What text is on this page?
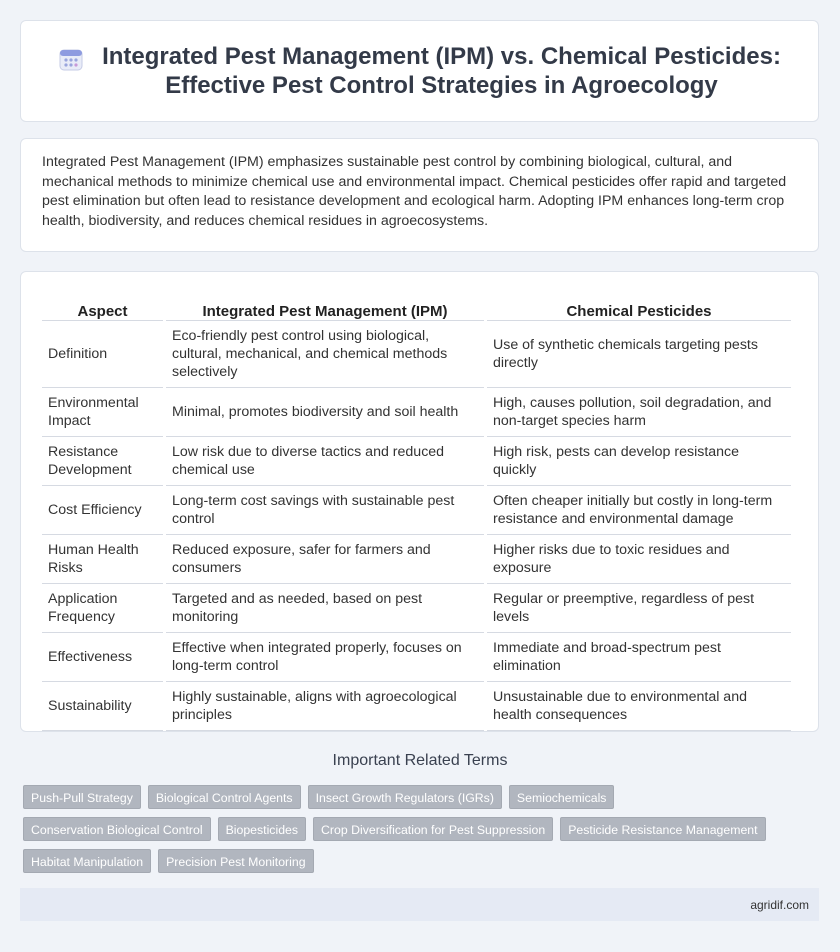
Integrated Pest Management (IPM) vs. Chemical Pesticides:
Effective Pest Control Strategies in Agroecology

Integrated Pest Management (IPM) emphasizes sustainable pest control by combining biological, cultural, and mechanical methods to minimize chemical use and environmental impact. Chemical pesticides offer rapid and targeted pest elimination but often lead to resistance development and ecological harm. Adopting IPM enhances long-term crop health, biodiversity, and reduces chemical residues in agroecosystems.

Aspect	Integrated Pest Management (IPM)	Chemical Pesticides
Definition	Eco-friendly pest control using biological, cultural, mechanical, and chemical methods selectively	Use of synthetic chemicals targeting pests directly
Environmental Impact	Minimal, promotes biodiversity and soil health	High, causes pollution, soil degradation, and non-target species harm
Resistance Development	Low risk due to diverse tactics and reduced chemical use	High risk, pests can develop resistance quickly
Cost Efficiency	Long-term cost savings with sustainable pest control	Often cheaper initially but costly in long-term resistance and environmental damage
Human Health Risks	Reduced exposure, safer for farmers and consumers	Higher risks due to toxic residues and exposure
Application Frequency	Targeted and as needed, based on pest monitoring	Regular or preemptive, regardless of pest levels
Effectiveness	Effective when integrated properly, focuses on long-term control	Immediate and broad-spectrum pest elimination
Sustainability	Highly sustainable, aligns with agroecological principles	Unsustainable due to environmental and health consequences
Important Related Terms
Push-Pull Strategy	Biological Control Agents	Insect Growth Regulators (IGRs)	Semiochemicals
Conservation Biological Control	Biopesticides	Crop Diversification for Pest Suppression	Pesticide Resistance Management
Habitat Manipulation	Precision Pest Monitoring
agridif.com
